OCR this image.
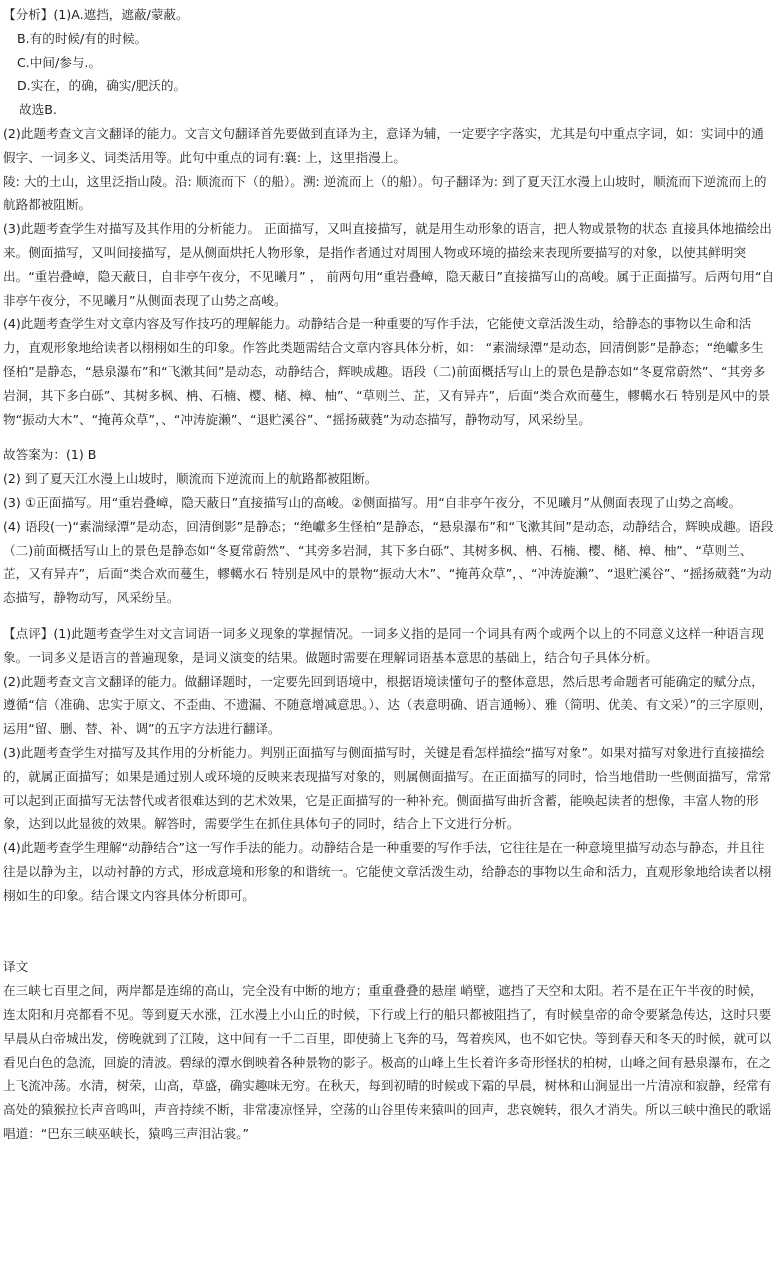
【分析】(1)A.遮挡，遮蔽/蒙蔽。

B.有的时候/有的时候。

C.中间/参与.。

D.实在，的确，确实/肥沃的。

故选B.

(2)此题考查文言文翻译的能力。文言文句翻译首先要做到直译为主，意译为辅，一定要字字落实，尤其是句中重点字词，如：实词中的通假字、一词多义、词类活用等。此句中重点的词有:襄: 上，这里指漫上。

陵: 大的土山，这里泛指山陵。沿: 顺流而下（的船）。溯: 逆流而上（的船）。句子翻译为: 到了夏天江水漫上山坡时，顺流而下逆流而上的航路都被阻断。

(3)此题考查学生对描写及其作用的分析能力。 正面描写，又叫直接描写，就是用生动形象的语言，把人物或景物的状态 直接具体地描绘出来。侧面描写，又叫间接描写，是从侧面烘托人物形象，是指作者通过对周围人物或环境的描绘来表现所要描写的对象，以使其鲜明突出。“重岩叠嶂，隐天蔽日，自非亭午夜分，不见曦月” ， 前两句用“重岩叠嶂，隐天蔽日”直接描写山的高峻。属于正面描写。后两句用“自非亭午夜分，不见曦月”从侧面表现了山势之高峻。

(4)此题考查学生对文章内容及写作技巧的理解能力。动静结合是一种重要的写作手法，它能使文章活泼生动，给静态的事物以生命和活力，直观形象地给读者以栩栩如生的印象。作答此类题需结合文章内容具体分析，如： “素湍绿潭”是动态，回清倒影”是静态；“绝巘多生怪柏”是静态，“悬泉瀑布”和“飞漱其间”是动态，动静结合，辉映成趣。语段（二)前面概括写山上的景色是静态如“冬夏常蔚然”、“其旁多岩洞，其下多白砾”、其树多枫、柟、石楠、樱、槠、樟、柚”、“草则兰、芷，又有异卉”，后面“类合欢而蔓生，轇轕水石 特别是风中的景物“振动大木”、“掩苒众草”，、“冲涛旋濑”、“退贮溪谷”、“摇扬葳蕤”为动态描写，静物动写，风采纷呈。

故答案为：(1) B

(2) 到了夏天江水漫上山坡时，顺流而下逆流而上的航路都被阻断。

(3) ①正面描写。用“重岩叠嶂，隐天蔽日”直接描写山的高峻。②侧面描写。用“自非亭午夜分，不见曦月”从侧面表现了山势之高峻。

(4) 语段(一)“素湍绿潭”是动态，回清倒影”是静态；“绝巘多生怪柏”是静态，“悬泉瀑布”和“飞漱其间”是动态，动静结合，辉映成趣。语段（二)前面概括写山上的景色是静态如“冬夏常蔚然”、“其旁多岩洞，其下多白砾”、其树多枫、柟、石楠、樱、槠、樟、柚”、“草则兰、芷，又有异卉”，后面“类合欢而蔓生，轇轕水石 特别是风中的景物“振动大木”、“掩苒众草”，、“冲涛旋濑”、“退贮溪谷”、“摇扬葳蕤”为动态描写，静物动写，风采纷呈。

【点评】(1)此题考查学生对文言词语一词多义现象的掌握情况。一词多义指的是同一个词具有两个或两个以上的不同意义这样一种语言现象。一词多义是语言的普遍现象，是词义演变的结果。做题时需要在理解词语基本意思的基础上，结合句子具体分析。

(2)此题考查文言文翻译的能力。做翻译题时，一定要先回到语境中，根据语境读懂句子的整体意思，然后思考命题者可能确定的赋分点，遵循“信（准确、忠实于原文、不歪曲、不遗漏、不随意增减意思。）、达（表意明确、语言通畅）、雅（简明、优美、有文采）”的三字原则，运用“留、删、替、补、调”的五字方法进行翻译。

(3)此题考查学生对描写及其作用的分析能力。判别正面描写与侧面描写时，关键是看怎样描绘“描写对象”。如果对描写对象进行直接描绘的，就属正面描写；如果是通过别人或环境的反映来表现描写对象的，则属侧面描写。在正面描写的同时，恰当地借助一些侧面描写，常常可以起到正面描写无法替代或者很难达到的艺术效果，它是正面描写的一种补充。侧面描写曲折含蓄，能唤起读者的想像，丰富人物的形象，达到以此显彼的效果。解答时，需要学生在抓住具体句子的同时，结合上下文进行分析。

(4)此题考查学生理解“动静结合”这一写作手法的能力。动静结合是一种重要的写作手法，它往往是在一种意境里描写动态与静态，并且往往是以静为主，以动衬静的方式，形成意境和形象的和谐统一。它能使文章活泼生动，给静态的事物以生命和活力，直观形象地给读者以栩栩如生的印象。结合课文内容具体分析即可。

译文

在三峡七百里之间，两岸都是连绵的高山，完全没有中断的地方；重重叠叠的悬崖 峭壁，遮挡了天空和太阳。若不是在正午半夜的时候，连太阳和月亮都看不见。等到夏天水涨，江水漫上小山丘的时候，下行或上行的船只都被阻挡了，有时候皇帝的命令要紧急传达，这时只要早晨从白帝城出发，傍晚就到了江陵，这中间有一千二百里，即使骑上飞奔的马，驾着疾风，也不如它快。等到春天和冬天的时候，就可以看见白色的急流，回旋的清波。碧绿的潭水倒映着各种景物的影子。极高的山峰上生长着许多奇形怪状的柏树，山峰之间有悬泉瀑布，在之上飞流冲荡。水清，树荣，山高，草盛，确实趣味无穷。在秋天，每到初晴的时候或下霜的早晨，树林和山涧显出一片清凉和寂静，经常有高处的猿猴拉长声音鸣叫，声音持续不断，非常凄凉怪异，空荡的山谷里传来猿叫的回声，悲哀婉转，很久才消失。所以三峡中渔民的歌谣唱道：“巴东三峡巫峡长，猿鸣三声泪沾裳。”
